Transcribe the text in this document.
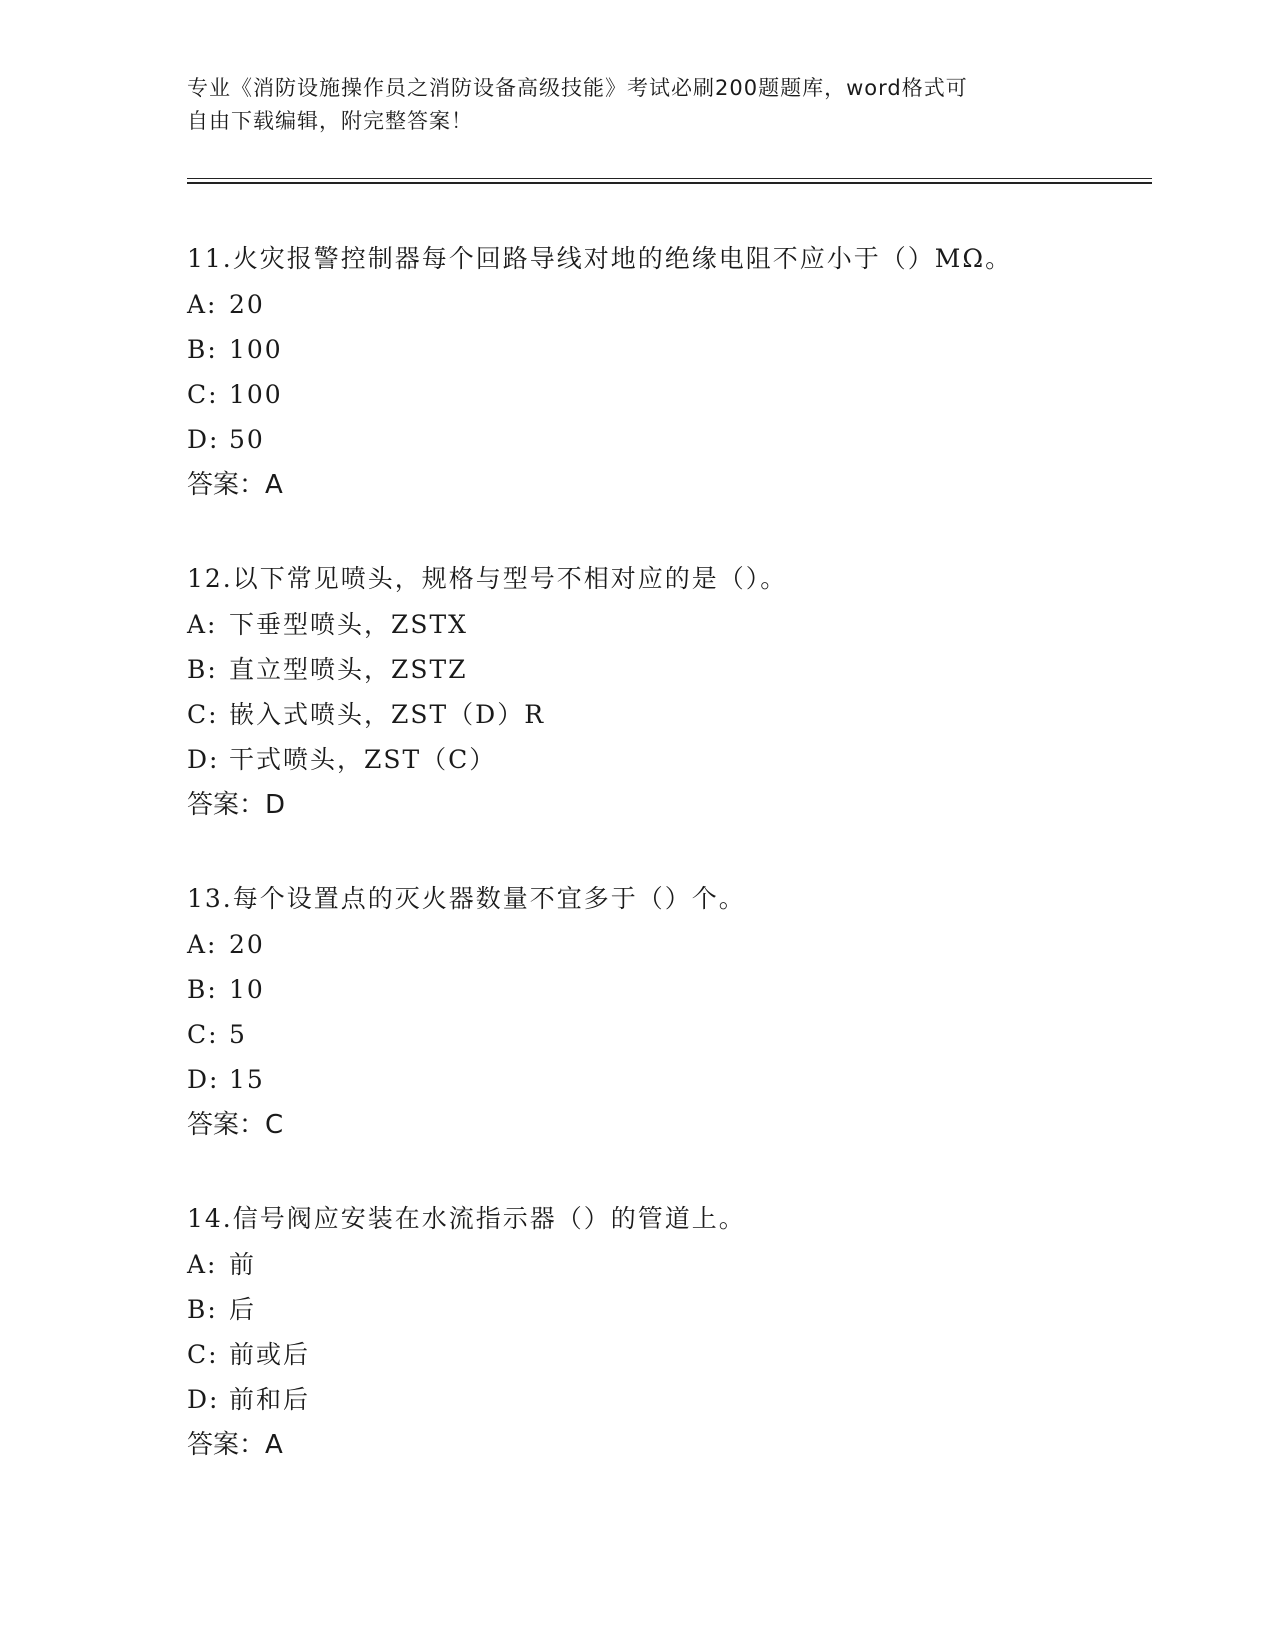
专业《消防设施操作员之消防设备高级技能》考试必刷200题题库，word格式可
自由下载编辑，附完整答案！
11.火灾报警控制器每个回路导线对地的绝缘电阻不应小于（）MΩ。
A: 20
B: 100
C: 100
D: 50
答案：A
12.以下常见喷头，规格与型号不相对应的是（）。
A: 下垂型喷头，ZSTX
B: 直立型喷头，ZSTZ
C: 嵌入式喷头，ZST（D）R
D: 干式喷头，ZST（C）
答案：D
13.每个设置点的灭火器数量不宜多于（）个。
A: 20
B: 10
C: 5
D: 15
答案：C
14.信号阀应安装在水流指示器（）的管道上。
A: 前
B: 后
C: 前或后
D: 前和后
答案：A
